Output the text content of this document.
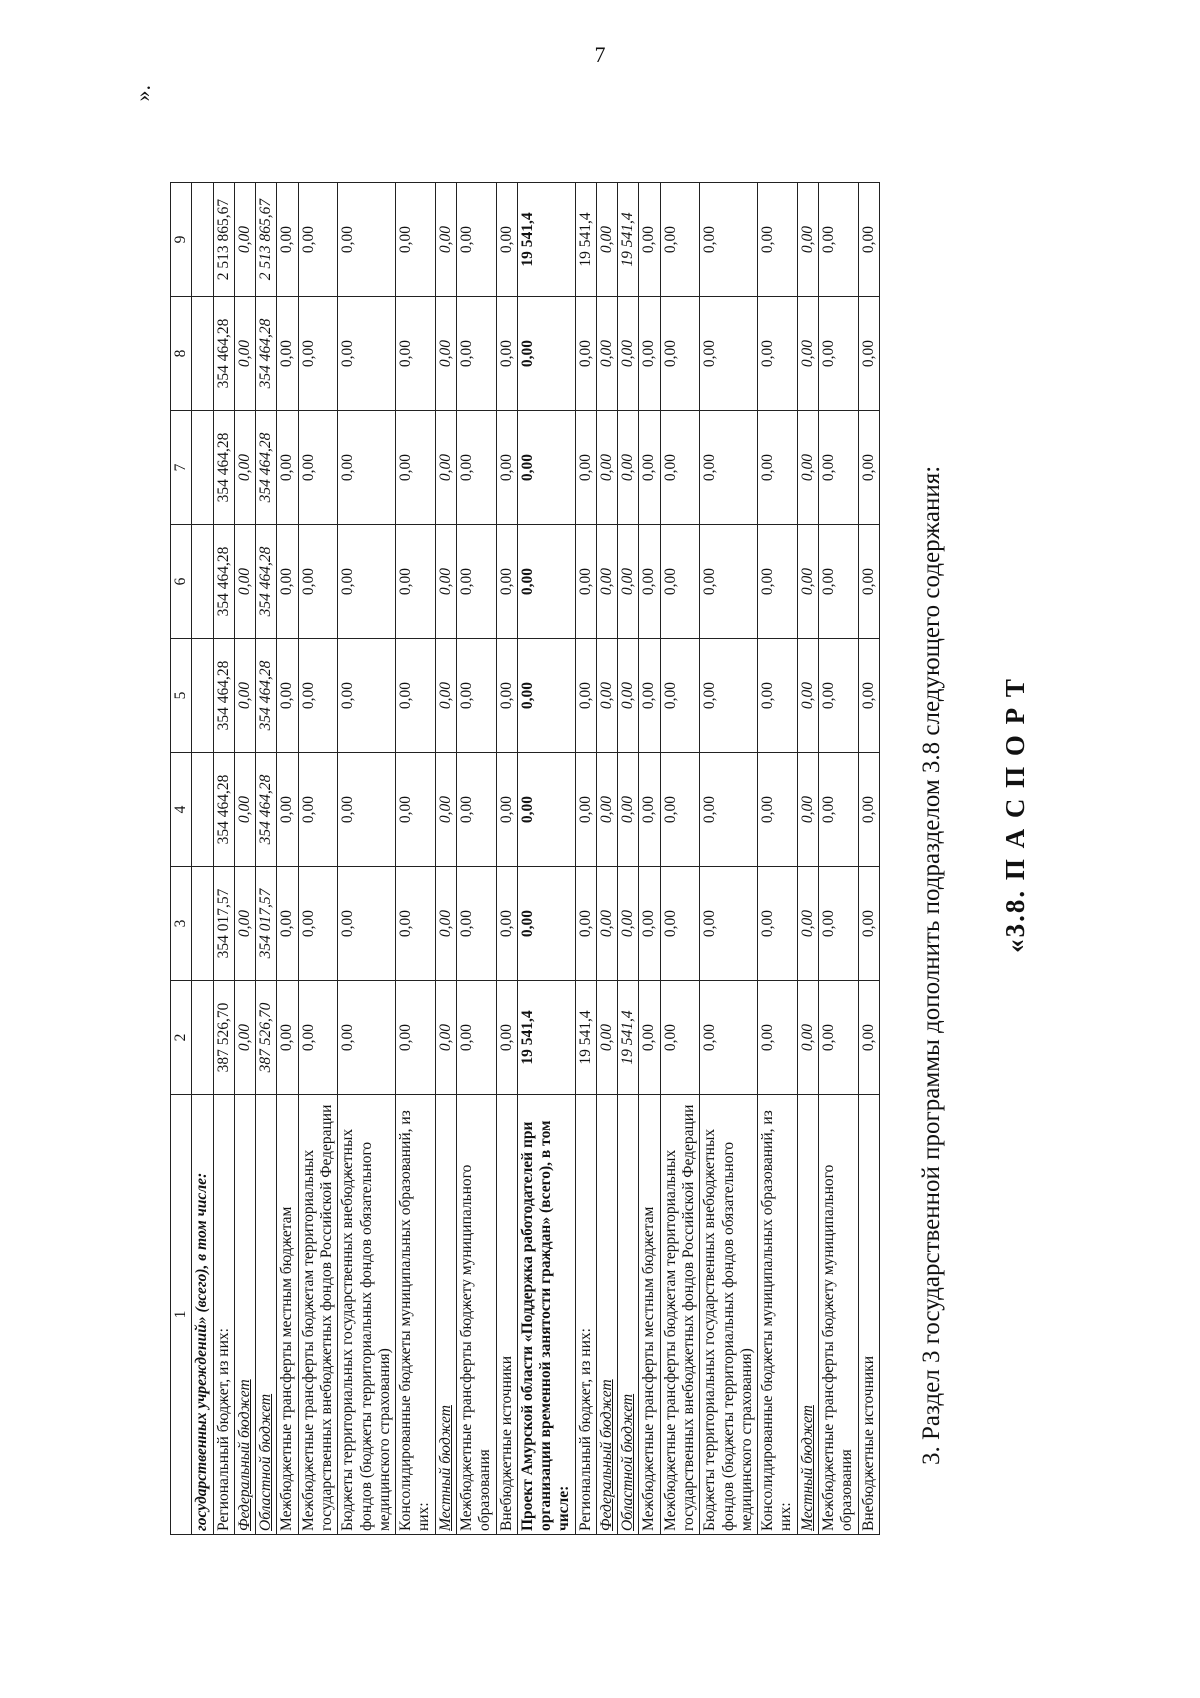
7
».
1	2	3	4	5	6	7	8	9
государственных учреждений» (всего), в том числе:								
Региональный бюджет, из них:	387 526,70	354 017,57	354 464,28	354 464,28	354 464,28	354 464,28	354 464,28	2 513 865,67
Федеральный бюджет	0,00	0,00	0,00	0,00	0,00	0,00	0,00	0,00
Областной бюджет	387 526,70	354 017,57	354 464,28	354 464,28	354 464,28	354 464,28	354 464,28	2 513 865,67
Межбюджетные трансферты местным бюджетам	0,00	0,00	0,00	0,00	0,00	0,00	0,00	0,00
Межбюджетные трансферты бюджетам территориальных государственных внебюджетных фондов Российской Федерации	0,00	0,00	0,00	0,00	0,00	0,00	0,00	0,00
Бюджеты территориальных государственных внебюджетных фондов (бюджеты территориальных фондов обязательного медицинского страхования)	0,00	0,00	0,00	0,00	0,00	0,00	0,00	0,00
Консолидированные бюджеты муниципальных образований, из них:	0,00	0,00	0,00	0,00	0,00	0,00	0,00	0,00
Местный бюджет	0,00	0,00	0,00	0,00	0,00	0,00	0,00	0,00
Межбюджетные трансферты бюджету муниципального образования	0,00	0,00	0,00	0,00	0,00	0,00	0,00	0,00
Внебюджетные источники	0,00	0,00	0,00	0,00	0,00	0,00	0,00	0,00
Проект Амурской области «Поддержка работодателей при организации временной занятости граждан» (всего), в том числе:	19 541,4	0,00	0,00	0,00	0,00	0,00	0,00	19 541,4
Региональный бюджет, из них:	19 541,4	0,00	0,00	0,00	0,00	0,00	0,00	19 541,4
Федеральный бюджет	0,00	0,00	0,00	0,00	0,00	0,00	0,00	0,00
Областной бюджет	19 541,4	0,00	0,00	0,00	0,00	0,00	0,00	19 541,4
Межбюджетные трансферты местным бюджетам	0,00	0,00	0,00	0,00	0,00	0,00	0,00	0,00
Межбюджетные трансферты бюджетам территориальных государственных внебюджетных фондов Российской Федерации	0,00	0,00	0,00	0,00	0,00	0,00	0,00	0,00
Бюджеты территориальных государственных внебюджетных фондов (бюджеты территориальных фондов обязательного медицинского страхования)	0,00	0,00	0,00	0,00	0,00	0,00	0,00	0,00
Консолидированные бюджеты муниципальных образований, из них:	0,00	0,00	0,00	0,00	0,00	0,00	0,00	0,00
Местный бюджет	0,00	0,00	0,00	0,00	0,00	0,00	0,00	0,00
Межбюджетные трансферты бюджету муниципального образования	0,00	0,00	0,00	0,00	0,00	0,00	0,00	0,00
Внебюджетные источники	0,00	0,00	0,00	0,00	0,00	0,00	0,00	0,00
3. Раздел 3 государственной программы дополнить подразделом 3.8 следующего содержания: «3.8. П А С П О Р Т
